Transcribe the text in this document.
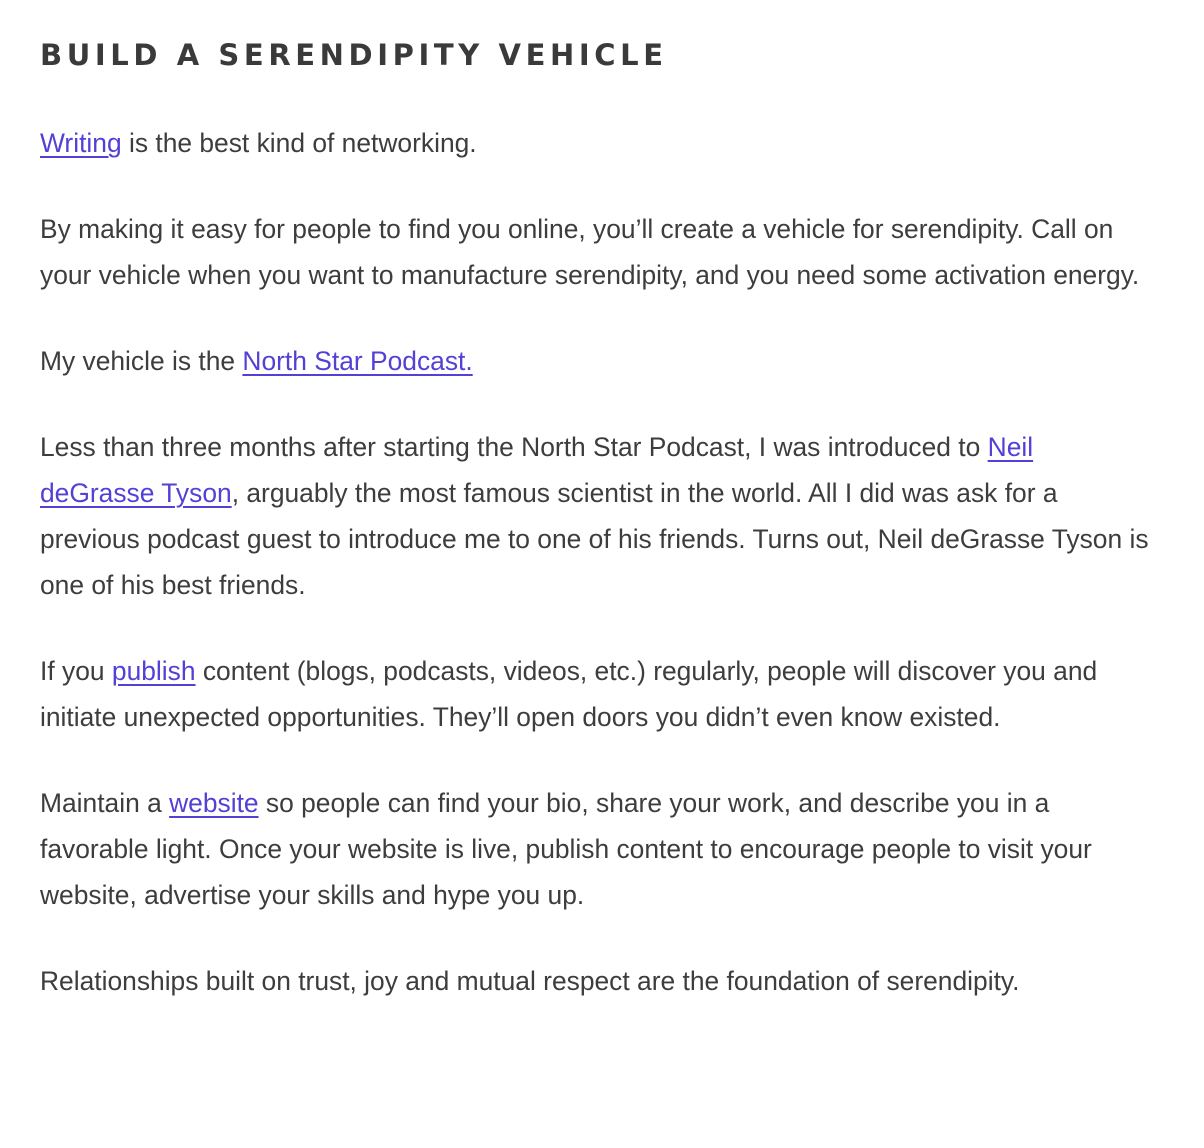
BUILD A SERENDIPITY VEHICLE

Writing is the best kind of networking.

By making it easy for people to find you online, you’ll create a vehicle for serendipity. Call on your vehicle when you want to manufacture serendipity, and you need some activation energy.

My vehicle is the North Star Podcast.

Less than three months after starting the North Star Podcast, I was introduced to Neil deGrasse Tyson, arguably the most famous scientist in the world. All I did was ask for a previous podcast guest to introduce me to one of his friends. Turns out, Neil deGrasse Tyson is one of his best friends.

If you publish content (blogs, podcasts, videos, etc.) regularly, people will discover you and initiate unexpected opportunities. They’ll open doors you didn’t even know existed.

Maintain a website so people can find your bio, share your work, and describe you in a favorable light. Once your website is live, publish content to encourage people to visit your website, advertise your skills and hype you up.

Relationships built on trust, joy and mutual respect are the foundation of serendipity.
